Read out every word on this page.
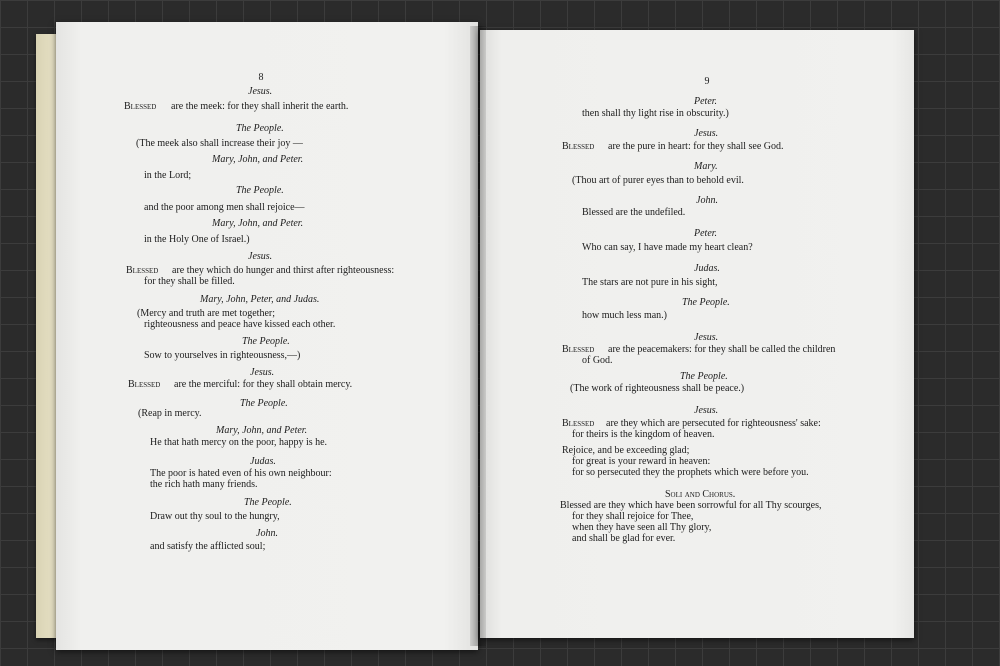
8
Jesus.
Blessed are the meek: for they shall inherit the earth.
The People.
(The meek also shall increase their joy —
Mary, John, and Peter.
in the Lord;
The People.
and the poor among men shall rejoice—
Mary, John, and Peter.
in the Holy One of Israel.)
Jesus.
Blessed are they which do hunger and thirst after righteousness:
for they shall be filled.
Mary, John, Peter, and Judas.
(Mercy and truth are met together;
righteousness and peace have kissed each other.
The People.
Sow to yourselves in righteousness,—)
Jesus.
Blessed are the merciful: for they shall obtain mercy.
The People.
(Reap in mercy.
Mary, John, and Peter.
He that hath mercy on the poor, happy is he.
Judas.
The poor is hated even of his own neighbour:
the rich hath many friends.
The People.
Draw out thy soul to the hungry,
John.
and satisfy the afflicted soul;
9
Peter.
then shall thy light rise in obscurity.)
Jesus.
Blessed are the pure in heart: for they shall see God.
Mary.
(Thou art of purer eyes than to behold evil.
John.
Blessed are the undefiled.
Peter.
Who can say, I have made my heart clean?
Judas.
The stars are not pure in his sight,
The People.
how much less man.)
Jesus.
Blessed are the peacemakers: for they shall be called the children
of God.
The People.
(The work of righteousness shall be peace.)
Jesus.
Blessed are they which are persecuted for righteousness' sake:
for theirs is the kingdom of heaven.
Rejoice, and be exceeding glad;
for great is your reward in heaven:
for so persecuted they the prophets which were before you.
Soli and Chorus.
Blessed are they which have been sorrowful for all Thy scourges,
for they shall rejoice for Thee,
when they have seen all Thy glory,
and shall be glad for ever.
